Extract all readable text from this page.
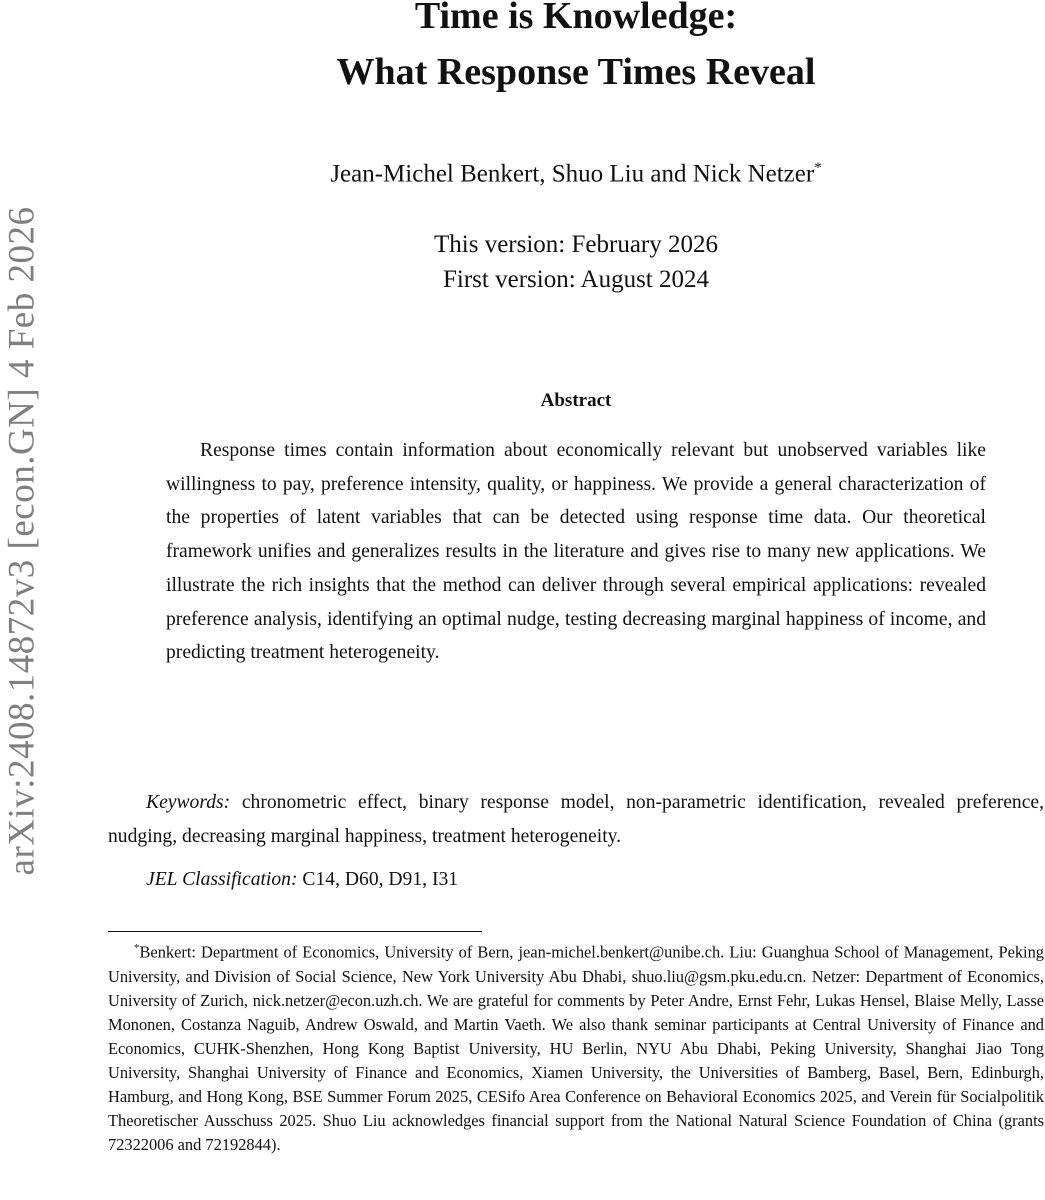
arXiv:2408.14872v3 [econ.GN] 4 Feb 2026
Time is Knowledge:
What Response Times Reveal
Jean-Michel Benkert, Shuo Liu and Nick Netzer*
This version: February 2026
First version: August 2024
Abstract

Response times contain information about economically relevant but unobserved variables like willingness to pay, preference intensity, quality, or happiness. We provide a general characterization of the properties of latent variables that can be detected using response time data. Our theoretical framework unifies and generalizes results in the literature and gives rise to many new applications. We illustrate the rich insights that the method can deliver through several empirical applications: revealed preference analysis, identifying an optimal nudge, testing decreasing marginal happiness of income, and predicting treatment heterogeneity.

Keywords: chronometric effect, binary response model, non-parametric identification, revealed preference, nudging, decreasing marginal happiness, treatment heterogeneity.

JEL Classification: C14, D60, D91, I31

*Benkert: Department of Economics, University of Bern, jean-michel.benkert@unibe.ch. Liu: Guanghua School of Management, Peking University, and Division of Social Science, New York University Abu Dhabi, shuo.liu@gsm.pku.edu.cn. Netzer: Department of Economics, University of Zurich, nick.netzer@econ.uzh.ch. We are grateful for comments by Peter Andre, Ernst Fehr, Lukas Hensel, Blaise Melly, Lasse Mononen, Costanza Naguib, Andrew Oswald, and Martin Vaeth. We also thank seminar participants at Central University of Finance and Economics, CUHK-Shenzhen, Hong Kong Baptist University, HU Berlin, NYU Abu Dhabi, Peking University, Shanghai Jiao Tong University, Shanghai University of Finance and Economics, Xiamen University, the Universities of Bamberg, Basel, Bern, Edinburgh, Hamburg, and Hong Kong, BSE Summer Forum 2025, CESifo Area Conference on Behavioral Economics 2025, and Verein für Socialpolitik Theoretischer Ausschuss 2025. Shuo Liu acknowledges financial support from the National Natural Science Foundation of China (grants 72322006 and 72192844).
